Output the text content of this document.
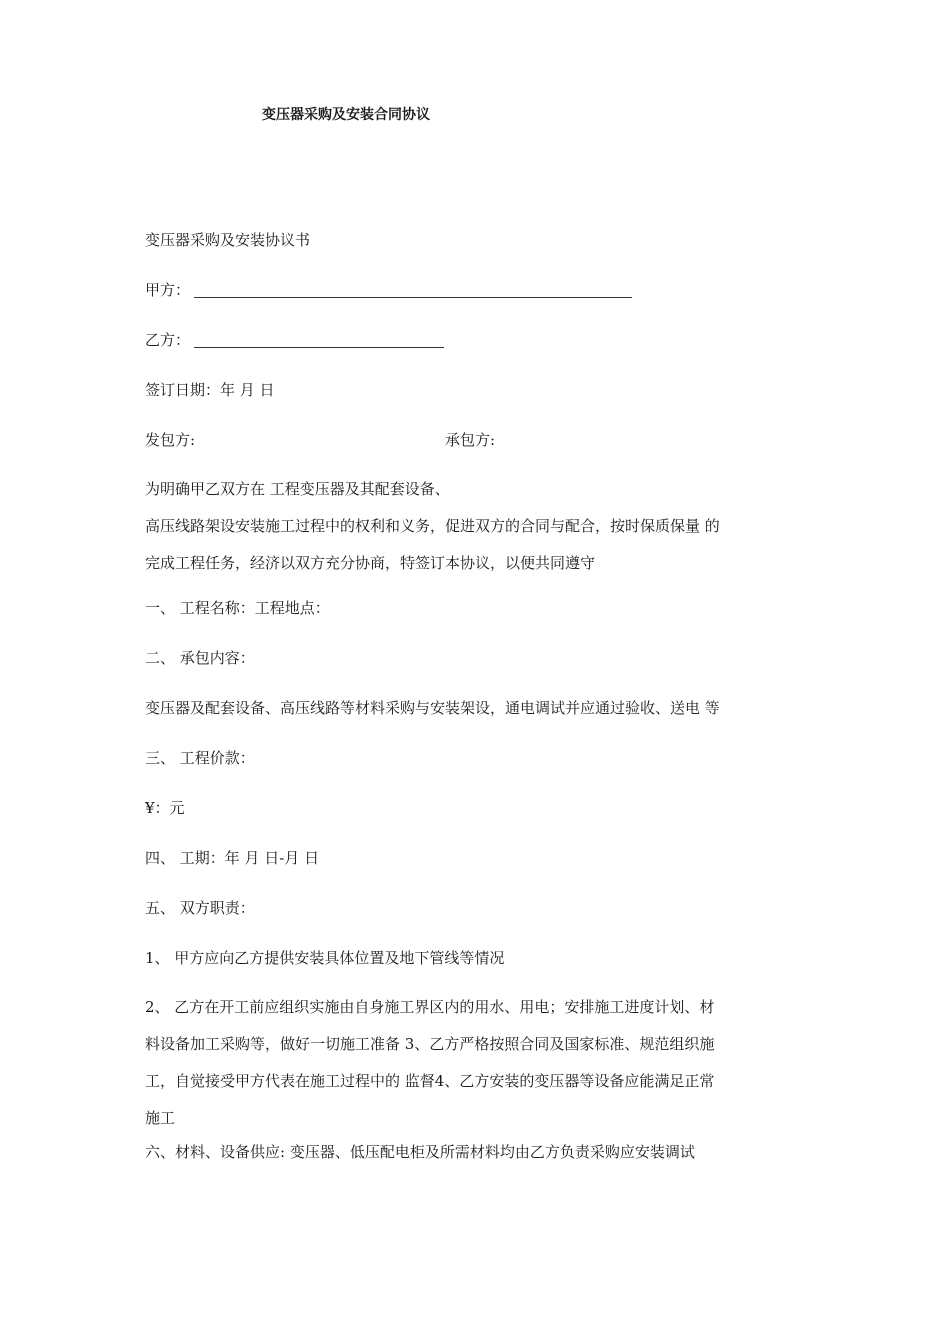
变压器采购及安装合同协议
变压器采购及安装协议书
甲方：
乙方：
签订日期：年 月 日
发包方:	承包方:
为明确甲乙双方在 工程变压器及其配套设备、
高压线路架设安装施工过程中的权利和义务，促进双方的合同与配合，按时保质保量 的
完成工程任务，经济以双方充分协商，特签订本协议，以便共同遵守
一、 工程名称：工程地点：
二、 承包内容：
变压器及配套设备、高压线路等材料采购与安装架设，通电调试并应通过验收、送电 等
三、 工程价款：
¥：元
四、 工期：年 月 日-月 日
五、 双方职责：
1、 甲方应向乙方提供安装具体位置及地下管线等情况
2、 乙方在开工前应组织实施由自身施工界区内的用水、用电；安排施工进度计划、材
料设备加工采购等，做好一切施工准备 3、乙方严格按照合同及国家标准、规范组织施
工，自觉接受甲方代表在施工过程中的 监督4、乙方安装的变压器等设备应能满足正常
施工
六、材料、设备供应: 变压器、低压配电柜及所需材料均由乙方负责采购应安装调试
